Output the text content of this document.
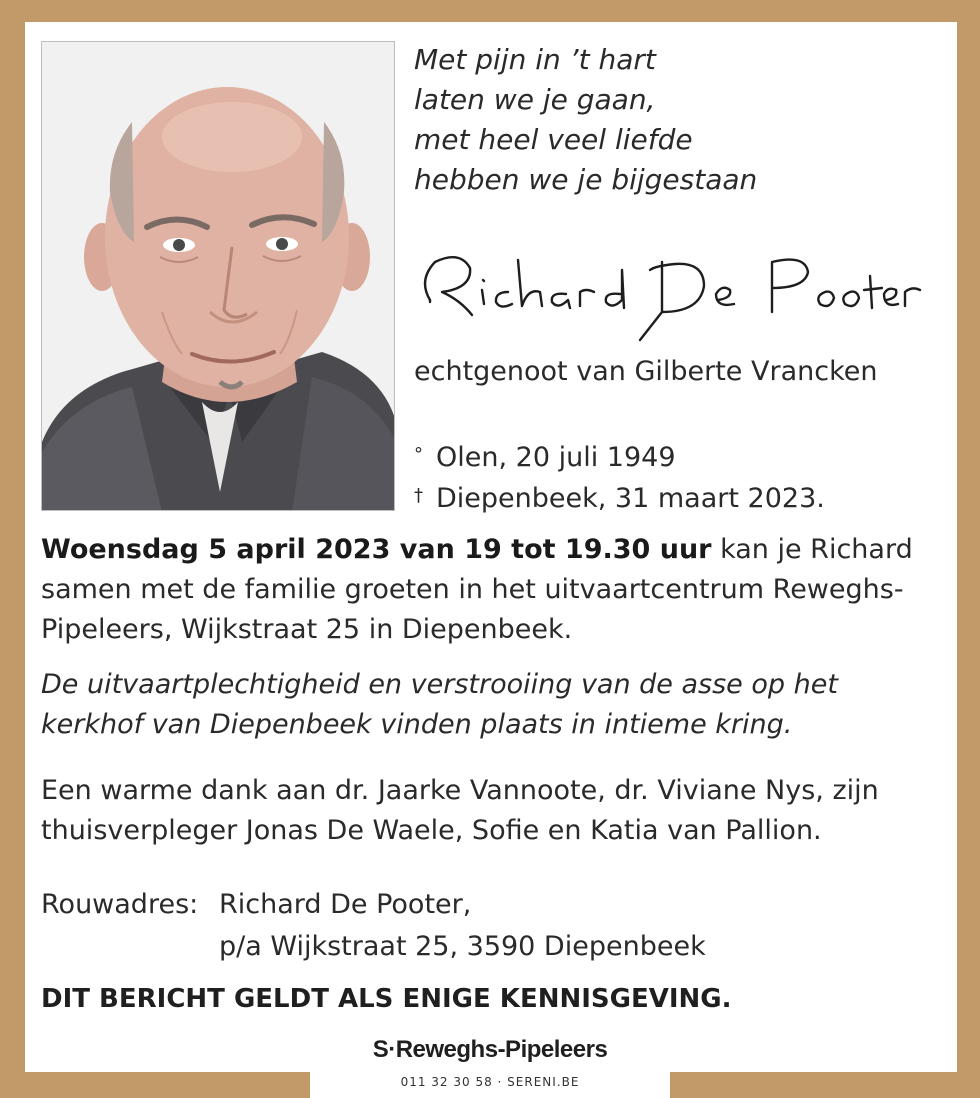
Met pijn in ’t hart
laten we je gaan,
met heel veel liefde
hebben we je bijgestaan
echtgenoot van Gilberte Vrancken
° Olen, 20 juli 1949
† Diepenbeek, 31 maart 2023.
Woensdag 5 april 2023 van 19 tot 19.30 uur kan je Richard samen met de familie groeten in het uitvaartcentrum Reweghs-Pipeleers, Wijkstraat 25 in Diepenbeek.
De uitvaartplechtigheid en verstrooiing van de asse op het kerkhof van Diepenbeek vinden plaats in intieme kring.
Een warme dank aan dr. Jaarke Vannoote, dr. Viviane Nys, zijn thuisverpleger Jonas De Waele, Sofie en Katia van Pallion.
Rouwadres: Richard De Pooter,
p/a Wijkstraat 25, 3590 Diepenbeek
DIT BERICHT GELDT ALS ENIGE KENNISGEVING.
S·Reweghs-Pipeleers
011 32 30 58 · SERENI.BE
